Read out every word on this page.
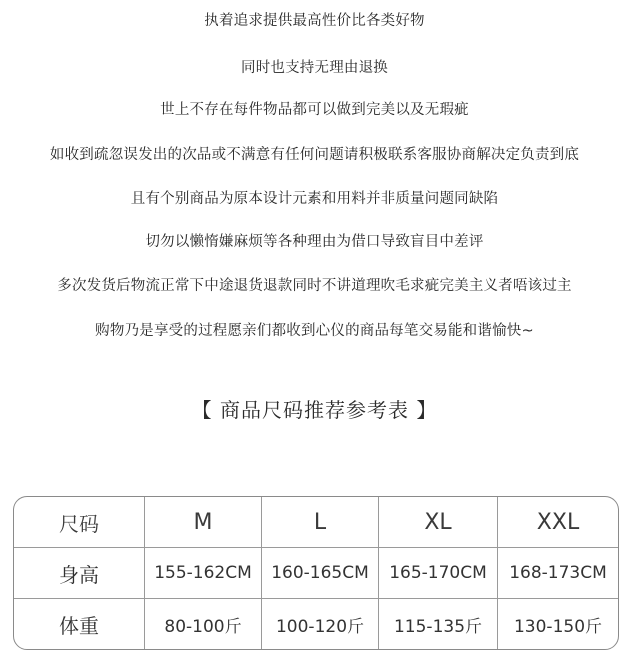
执着追求提供最高性价比各类好物
同时也支持无理由退换
世上不存在每件物品都可以做到完美以及无瑕疵
如收到疏忽误发出的次品或不满意有任何问题请积极联系客服协商解决定负责到底
且有个别商品为原本设计元素和用料并非质量问题同缺陷
切勿以懒惰嫌麻烦等各种理由为借口导致盲目中差评
多次发货后物流正常下中途退货退款同时不讲道理吹毛求疵完美主义者唔该过主
购物乃是享受的过程愿亲们都收到心仪的商品每笔交易能和谐愉快~
【 商品尺码推荐参考表 】
尺码	M	L	XL	XXL
身高	155-162CM	160-165CM	165-170CM	168-173CM
体重	80-100斤	100-120斤	115-135斤	130-150斤
